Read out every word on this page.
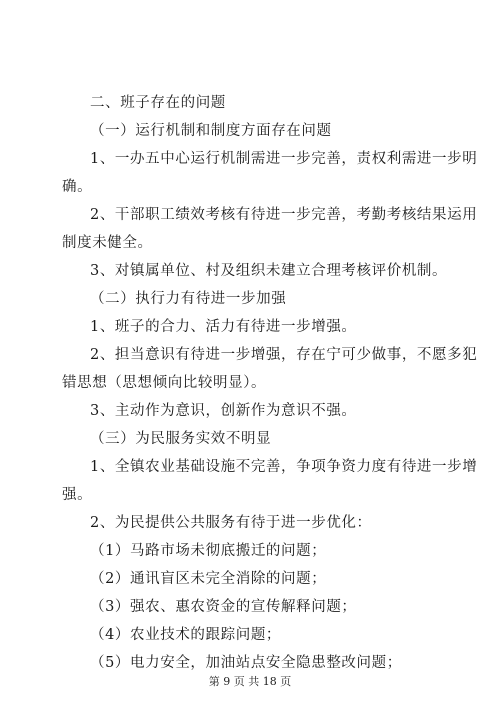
二、班子存在的问题
（一）运行机制和制度方面存在问题
1、一办五中心运行机制需进一步完善，责权利需进一步明
确。
2、干部职工绩效考核有待进一步完善，考勤考核结果运用
制度未健全。
3、对镇属单位、村及组织未建立合理考核评价机制。
（二）执行力有待进一步加强
1、班子的合力、活力有待进一步增强。
2、担当意识有待进一步增强，存在宁可少做事，不愿多犯
错思想（思想倾向比较明显）。
3、主动作为意识，创新作为意识不强。
（三）为民服务实效不明显
1、全镇农业基础设施不完善，争项争资力度有待进一步增
强。
2、为民提供公共服务有待于进一步优化：
（1）马路市场未彻底搬迁的问题；
（2）通讯盲区未完全消除的问题；
（3）强农、惠农资金的宣传解释问题；
（4）农业技术的跟踪问题；
（5）电力安全，加油站点安全隐患整改问题；
第 9 页 共 18 页
